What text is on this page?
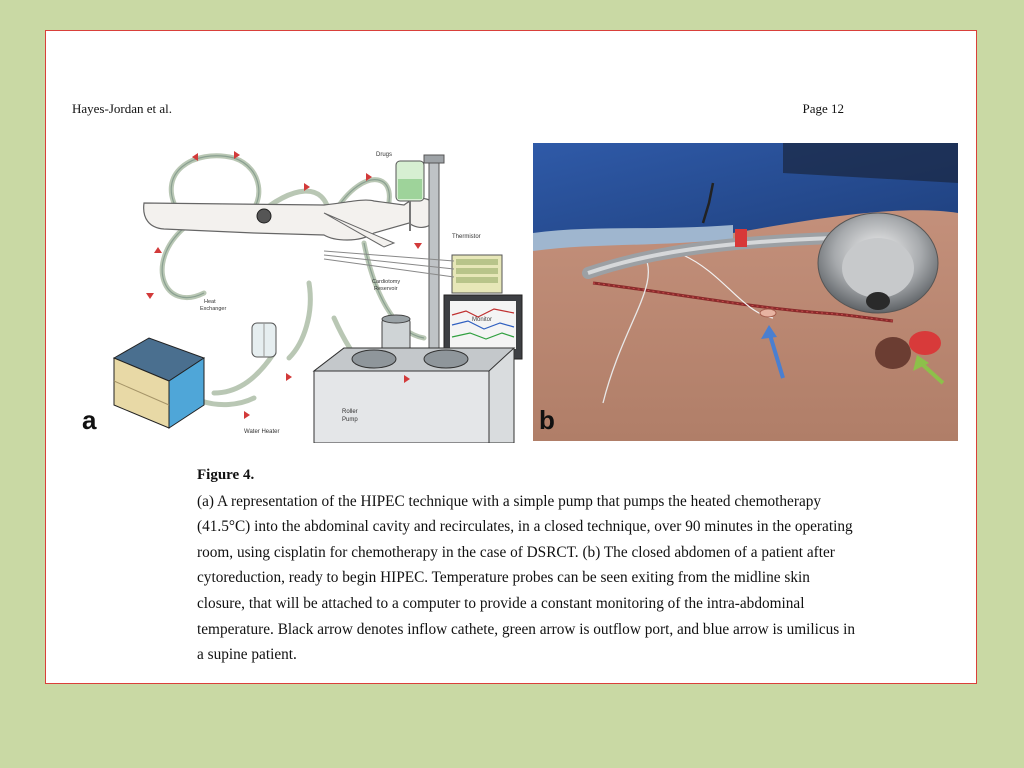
Hayes-Jordan et al.	Page 12
Drugs
Thermistor
Monitor
Cardiotomy
Reservoir
Heat
Exchanger
Water Heater
Roller
Pump
a	b
Figure 4.

(a) A representation of the HIPEC technique with a simple pump that pumps the heated chemotherapy (41.5°C) into the abdominal cavity and recirculates, in a closed technique, over 90 minutes in the operating room, using cisplatin for chemotherapy in the case of DSRCT. (b) The closed abdomen of a patient after cytoreduction, ready to begin HIPEC. Temperature probes can be seen exiting from the midline skin closure, that will be attached to a computer to provide a constant monitoring of the intra-abdominal temperature. Black arrow denotes inflow cathete, green arrow is outflow port, and blue arrow is umilicus in a supine patient.
